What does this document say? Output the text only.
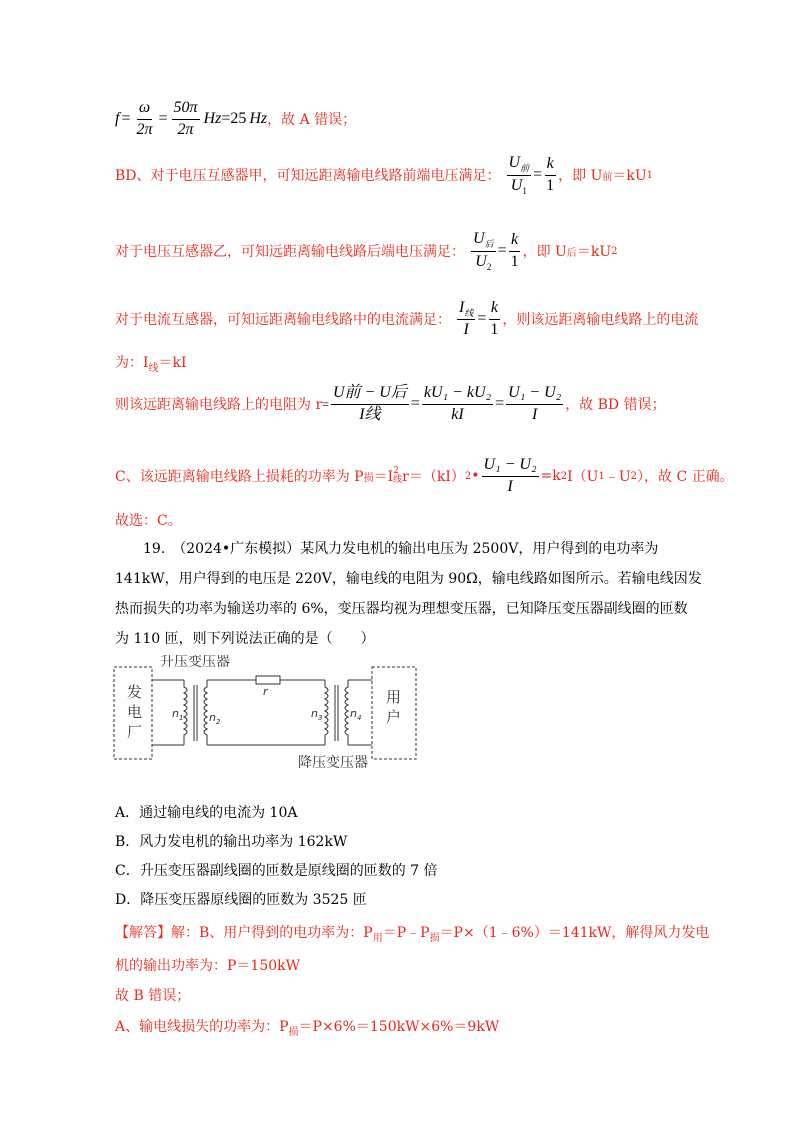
$f = \frac{\omega}{2\pi} = \frac{50\pi}{2\pi}$ Hz =25 Hz ，故 A 错误；
BD、对于电压互感器甲，可知远距离输电线路前端电压满足： $\frac{U_前}{U_1} = \frac{k}{1}$ ，即 U 前 ＝kU 1
对于电压互感器乙，可知远距离输电线路后端电压满足： $\frac{U_后}{U_2} = \frac{k}{1}$ ，即 U 后 ＝kU 2
对于电流互感器，可知远距离输电线路中的电流满足： $\frac{I_线}{I} = \frac{k}{1}$ ，则该远距离输电线路上的电流
为：$I_线=kI$
则该远距离输电线路上的电阻为 $r = \frac{\text{U前 − U后}}{\text{I线}} = \frac{\text{kU₁ − kU₂}}{kI} = \frac{\text{U₁ − U₂}}{I}$ ，故 BD 错误；
C、该远距离输电线路上损耗的功率为 P 损 ＝I 2
线 r＝（kI） 2 • $\frac{\text{U₁ − U₂}}{I} =k$ 2 I（U 1 ﹣U 2 ），故 C 正确。
故选：C。
19.　（2024•广东模拟）某风力发电机的输出电压为 2500V，用户得到的电功率为
141kW，用户得到的电压是 220V，输电线的电阻为 90Ω，输电线路如图所示。若输电线因发
热而损失的功率为输送功率的 6%，变压器均视为理想变压器，已知降压变压器副线圈的匝数
为 110 匝，则下列说法正确的是（　　）
发
电
厂
用
户
升压变压器
降压变压器
r
$n_1$ $n_2$
$n_3$	$n_4$
A．通过输电线的电流为 10A
B．风力发电机的输出功率为 162kW
C．升压变压器副线圈的匝数是原线圈的匝数的 7 倍
D．降压变压器原线圈的匝数为 3525 匝
【解答】解：B、用户得到的电功率为：$P_用=P﹣P_损=P\times(1﹣6\%)=141kW$，解得风力发电
机的输出功率为：P＝150kW
故 B 错误；
A、输电线损失的功率为：$P_损=P\times 6\%=150kW\times 6\%=9kW$
